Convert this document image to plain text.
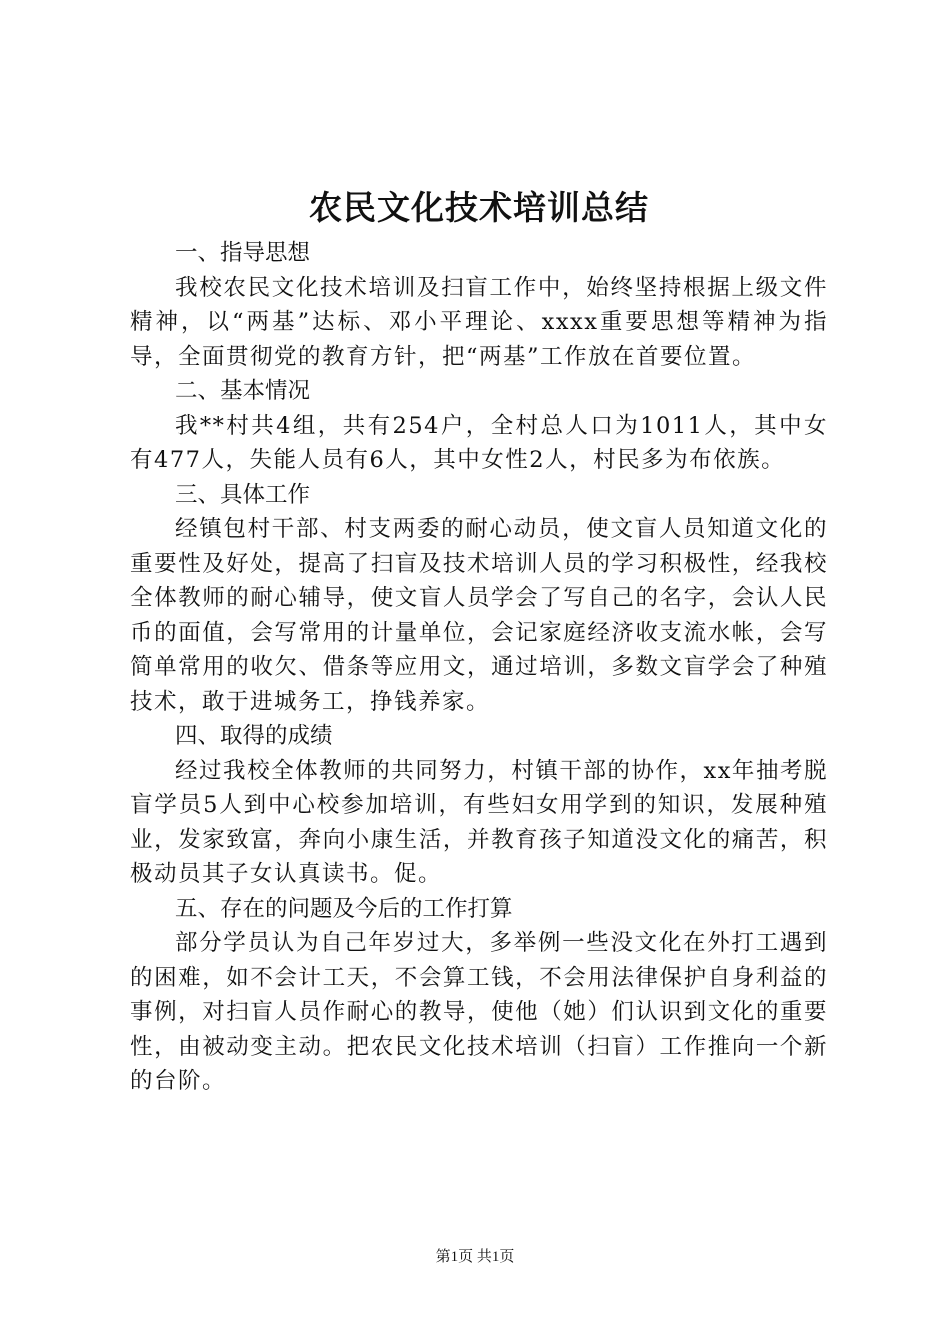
农民文化技术培训总结

一、指导思想

我校农民文化技术培训及扫盲工作中，始终坚持根据上级文件精神，以“两基”达标、邓小平理论、xxxx重要思想等精神为指导，全面贯彻党的教育方针，把“两基”工作放在首要位置。

二、基本情况

我**村共4组，共有254户，全村总人口为1011人，其中女有477人，失能人员有6人，其中女性2人，村民多为布依族。

三、具体工作

经镇包村干部、村支两委的耐心动员，使文盲人员知道文化的重要性及好处，提高了扫盲及技术培训人员的学习积极性，经我校全体教师的耐心辅导，使文盲人员学会了写自己的名字，会认人民币的面值，会写常用的计量单位，会记家庭经济收支流水帐，会写简单常用的收欠、借条等应用文，通过培训，多数文盲学会了种殖技术，敢于进城务工，挣钱养家。

四、取得的成绩

经过我校全体教师的共同努力，村镇干部的协作，xx年抽考脱盲学员5人到中心校参加培训，有些妇女用学到的知识，发展种殖业，发家致富，奔向小康生活，并教育孩子知道没文化的痛苦，积极动员其子女认真读书。促。

五、存在的问题及今后的工作打算

部分学员认为自己年岁过大，多举例一些没文化在外打工遇到的困难，如不会计工天，不会算工钱，不会用法律保护自身利益的事例，对扫盲人员作耐心的教导，使他（她）们认识到文化的重要性，由被动变主动。把农民文化技术培训（扫盲）工作推向一个新的台阶。

第1页 共1页
